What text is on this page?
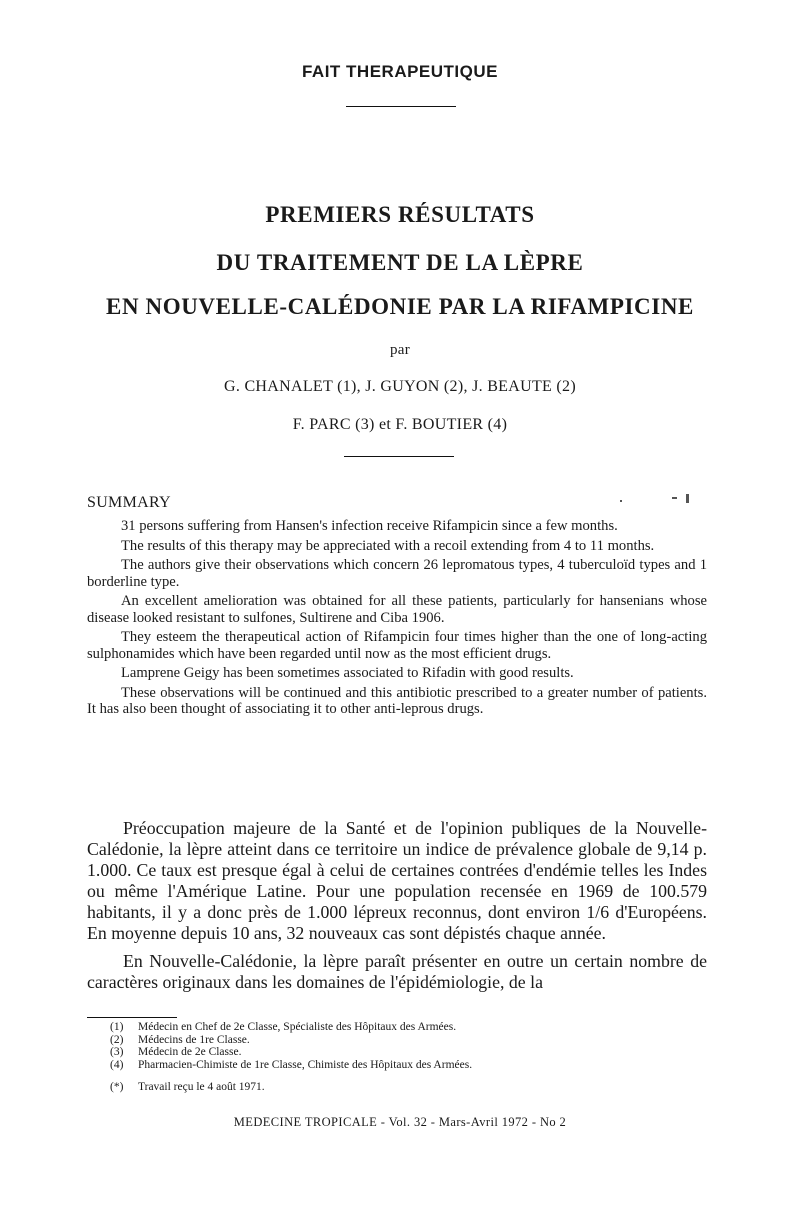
FAIT THERAPEUTIQUE
PREMIERS RÉSULTATS
DU TRAITEMENT DE LA LÈPRE
EN NOUVELLE-CALÉDONIE PAR LA RIFAMPICINE
par
G. CHANALET (1), J. GUYON (2), J. BEAUTE (2)
F. PARC (3) et F. BOUTIER (4)
SUMMARY

31 persons suffering from Hansen's infection receive Rifampicin since a few months.

The results of this therapy may be appreciated with a recoil extending from 4 to 11 months.

The authors give their observations which concern 26 lepromatous types, 4 tuberculoïd types and 1 borderline type.

An excellent amelioration was obtained for all these patients, particularly for hansenians whose disease looked resistant to sulfones, Sultirene and Ciba 1906.

They esteem the therapeutical action of Rifampicin four times higher than the one of long-acting sulphonamides which have been regarded until now as the most efficient drugs.

Lamprene Geigy has been sometimes associated to Rifadin with good results.

These observations will be continued and this antibiotic prescribed to a greater number of patients. It has also been thought of associating it to other anti-leprous drugs.

Préoccupation majeure de la Santé et de l'opinion publiques de la Nouvelle-Calédonie, la lèpre atteint dans ce territoire un indice de prévalence globale de 9,14 p. 1.000. Ce taux est presque égal à celui de certaines contrées d'endémie telles les Indes ou même l'Amérique Latine. Pour une population recensée en 1969 de 100.579 habitants, il y a donc près de 1.000 lépreux reconnus, dont environ 1/6 d'Européens. En moyenne depuis 10 ans, 32 nouveaux cas sont dépistés chaque année.

En Nouvelle-Calédonie, la lèpre paraît présenter en outre un certain nombre de caractères originaux dans les domaines de l'épidémiologie, de la

(1) Médecin en Chef de 2e Classe, Spécialiste des Hôpitaux des Armées.
(2) Médecins de 1re Classe.
(3) Médecin de 2e Classe.
(4) Pharmacien-Chimiste de 1re Classe, Chimiste des Hôpitaux des Armées.
(*) Travail reçu le 4 août 1971.
MEDECINE TROPICALE - Vol. 32 - Mars-Avril 1972 - No 2
